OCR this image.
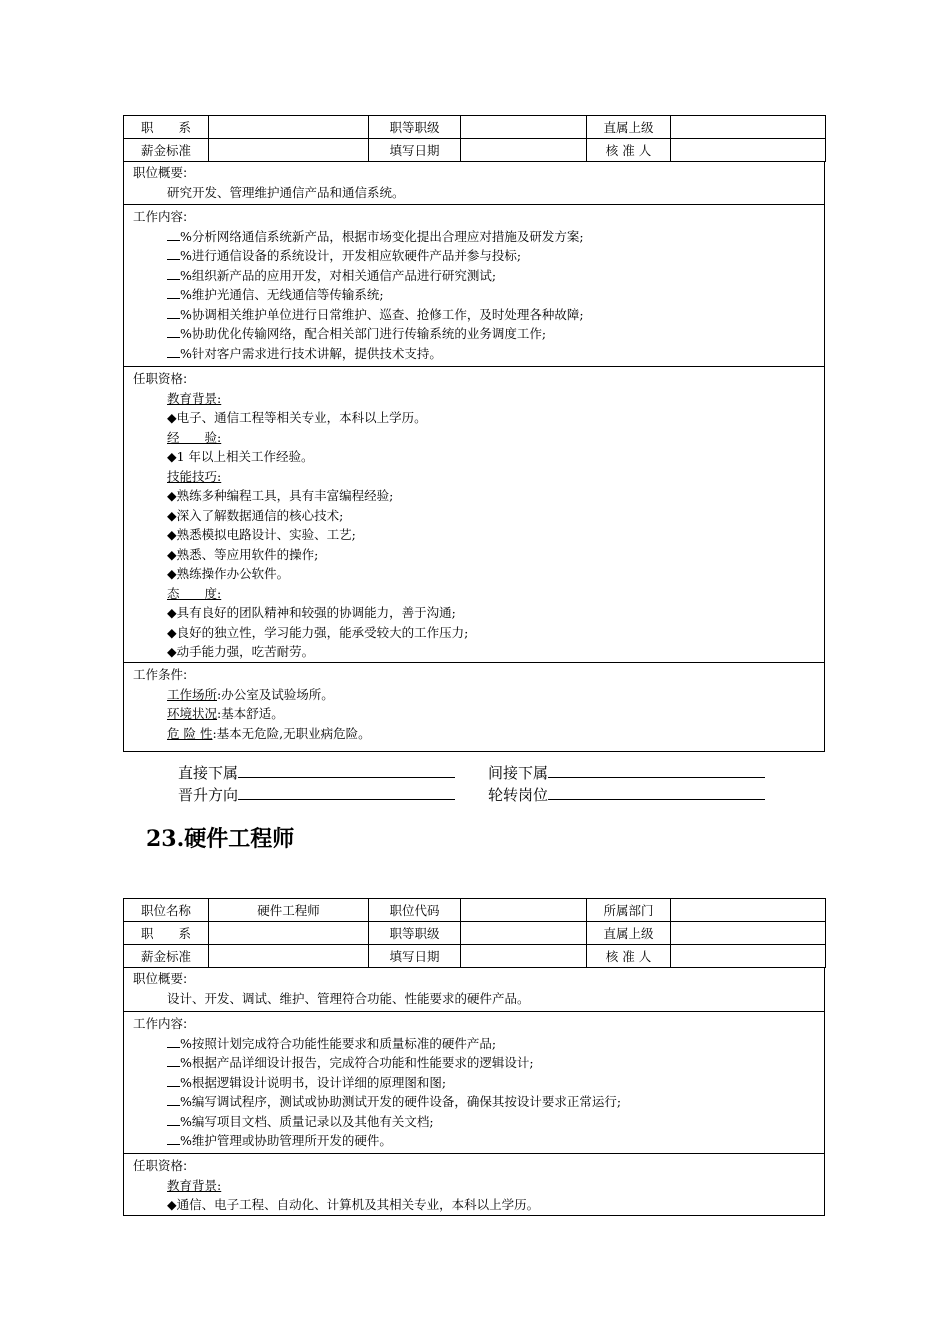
职　　系		职等职级		直属上级	
薪金标准		填写日期		核 准 人	
职位概要:
研究开发、管理维护通信产品和通信系统。
工作内容:
%分析网络通信系统新产品，根据市场变化提出合理应对措施及研发方案;
%进行通信设备的系统设计，开发相应软硬件产品并参与投标;
%组织新产品的应用开发，对相关通信产品进行研究测试;
%维护光通信、无线通信等传输系统;
%协调相关维护单位进行日常维护、巡查、抢修工作，及时处理各种故障;
%协助优化传输网络，配合相关部门进行传输系统的业务调度工作;
%针对客户需求进行技术讲解，提供技术支持。
任职资格:
教育背景:
◆电子、通信工程等相关专业，本科以上学历。
经　　验:
◆1 年以上相关工作经验。
技能技巧:
◆熟练多种编程工具，具有丰富编程经验;
◆深入了解数据通信的核心技术;
◆熟悉模拟电路设计、实验、工艺;
◆熟悉、等应用软件的操作;
◆熟练操作办公软件。
态　　度:
◆具有良好的团队精神和较强的协调能力，善于沟通;
◆良好的独立性，学习能力强，能承受较大的工作压力;
◆动手能力强，吃苦耐劳。
工作条件:
工作场所:办公室及试验场所。
环境状况:基本舒适。
危 险 性:基本无危险,无职业病危险。
直接下属	间接下属
晋升方向	轮转岗位
23.硬件工程师
职位名称	硬件工程师	职位代码		所属部门	
职　　系		职等职级		直属上级	
薪金标准		填写日期		核 准 人	
职位概要:
设计、开发、调试、维护、管理符合功能、性能要求的硬件产品。
工作内容:
%按照计划完成符合功能性能要求和质量标准的硬件产品;
%根据产品详细设计报告，完成符合功能和性能要求的逻辑设计;
%根据逻辑设计说明书，设计详细的原理图和图;
%编写调试程序，测试或协助测试开发的硬件设备，确保其按设计要求正常运行;
%编写项目文档、质量记录以及其他有关文档;
%维护管理或协助管理所开发的硬件。
任职资格:
教育背景:
◆通信、电子工程、自动化、计算机及其相关专业，本科以上学历。
